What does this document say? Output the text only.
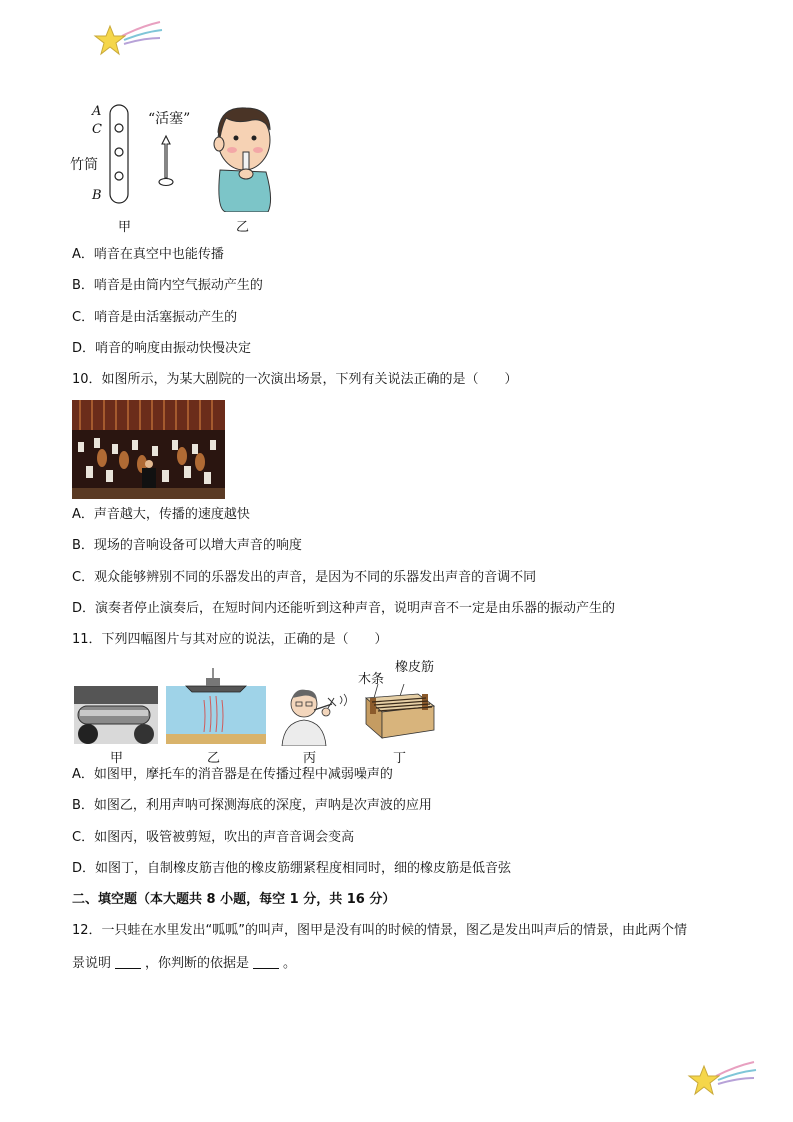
A
C
竹筒
B
甲
“活塞”
乙
A．哨音在真空中也能传播
B．哨音是由筒内空气振动产生的
C．哨音是由活塞振动产生的
D．哨音的响度由振动快慢决定
10．如图所示，为某大剧院的一次演出场景，下列有关说法正确的是（　　）
A．声音越大，传播的速度越快
B．现场的音响设备可以增大声音的响度
C．观众能够辨别不同的乐器发出的声音，是因为不同的乐器发出声音的音调不同
D．演奏者停止演奏后，在短时间内还能听到这种声音，说明声音不一定是由乐器的振动产生的
11．下列四幅图片与其对应的说法，正确的是（　　）
甲	乙	丙
橡皮筋
木条
丁
A．如图甲，摩托车的消音器是在传播过程中减弱噪声的
B．如图乙，利用声呐可探测海底的深度，声呐是次声波的应用
C．如图丙，吸管被剪短，吹出的声音音调会变高
D．如图丁，自制橡皮筋吉他的橡皮筋绷紧程度相同时，细的橡皮筋是低音弦
二、填空题（本大题共 8 小题，每空 1 分，共 16 分）
12．一只蛙在水里发出“呱呱”的叫声，图甲是没有叫的时候的情景，图乙是发出叫声后的情景，由此两个情
景说明	，你判断的依据是	。
